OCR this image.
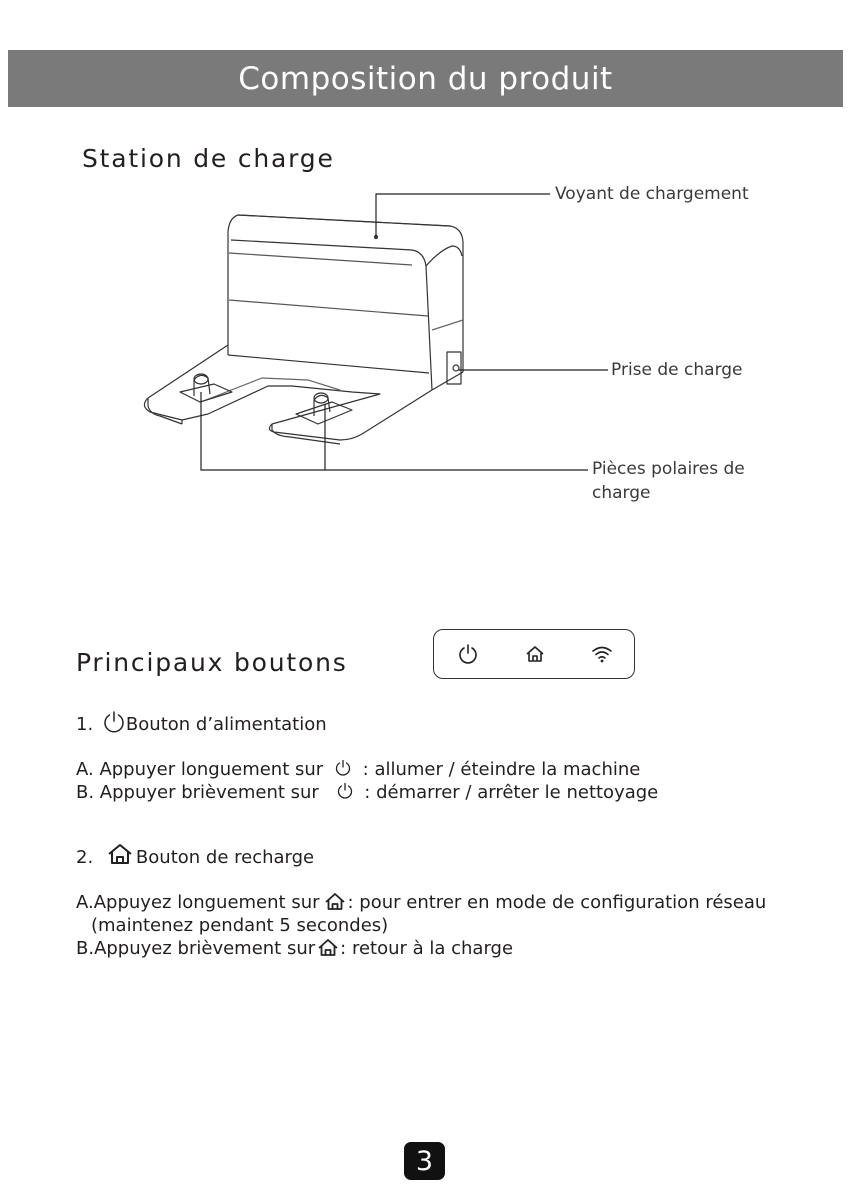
Composition du produit
Station de charge
Voyant de chargement
Prise de charge
Pièces polaires de
charge
Principaux boutons
1. Bouton d’alimentation
A. Appuyer longuement sur : allumer / éteindre la machine
B. Appuyer brièvement sur	: démarrer / arrêter le nettoyage
2. Bouton de recharge
A.Appuyez longuement sur : pour entrer en mode de configuration réseau
(maintenez pendant 5 secondes)
B.Appuyez brièvement sur : retour à la charge
3
